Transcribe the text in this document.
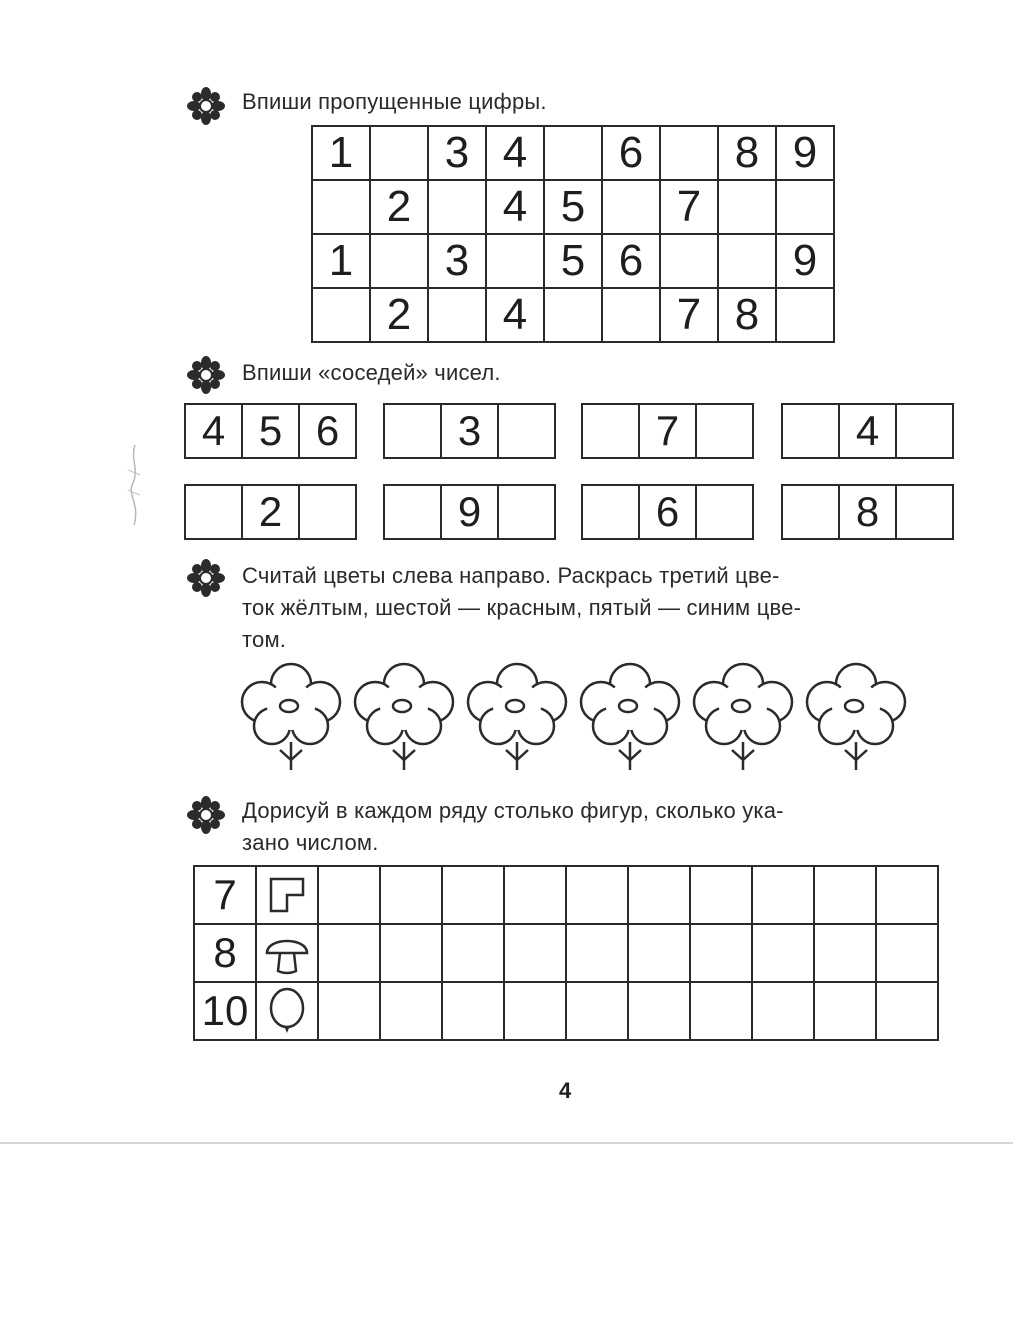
Впиши пропущенные цифры.
1		3	4		6		8	9
	2		4	5		7		
1		3		5	6			9
	2		4			7	8	
Впиши «соседей» чисел.
4	5	6
		3	
		7	
		4	
	2	
		9	
		6	
		8	
Считай цветы слева направо. Раскрась третий цве-
ток жёлтым, шестой — красным, пятый — синим цве-
том.
Дорисуй в каждом ряду столько фигур, сколько ука-
зано числом.
7	

8	

10	

4
